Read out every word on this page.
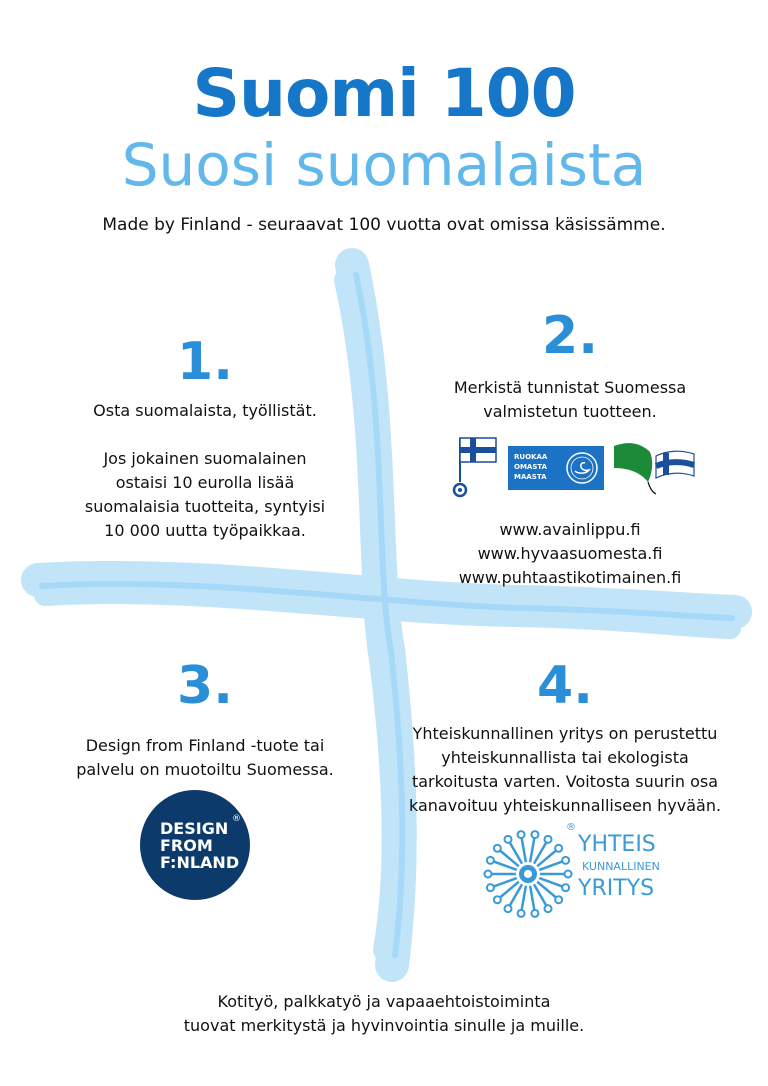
Suomi 100
Suosi suomalaista
Made by Finland - seuraavat 100 vuotta ovat omissa käsissämme.
1.
Osta suomalaista, työllistät.
Jos jokainen suomalainen
ostaisi 10 eurolla lisää
suomalaisia tuotteita, syntyisi
10 000 uutta työpaikkaa.
2.
Merkistä tunnistat Suomessa
valmistetun tuotteen.
RUOKAA
OMASTA
MAASTA
www.avainlippu.fi
www.hyvaasuomesta.fi
www.puhtaastikotimainen.fi
3.
Design from Finland -tuote tai
palvelu on muotoiltu Suomessa.
®
DESIGN
FROM
F:NLAND
4.
Yhteiskunnallinen yritys on perustettu
yhteiskunnallista tai ekologista
tarkoitusta varten. Voitosta suurin osa
kanavoituu yhteiskunnalliseen hyvään.
®
YHTEIS
KUNNALLINEN
YRITYS
Kotityö, palkkatyö ja vapaaehtoistoiminta
tuovat merkitystä ja hyvinvointia sinulle ja muille.
